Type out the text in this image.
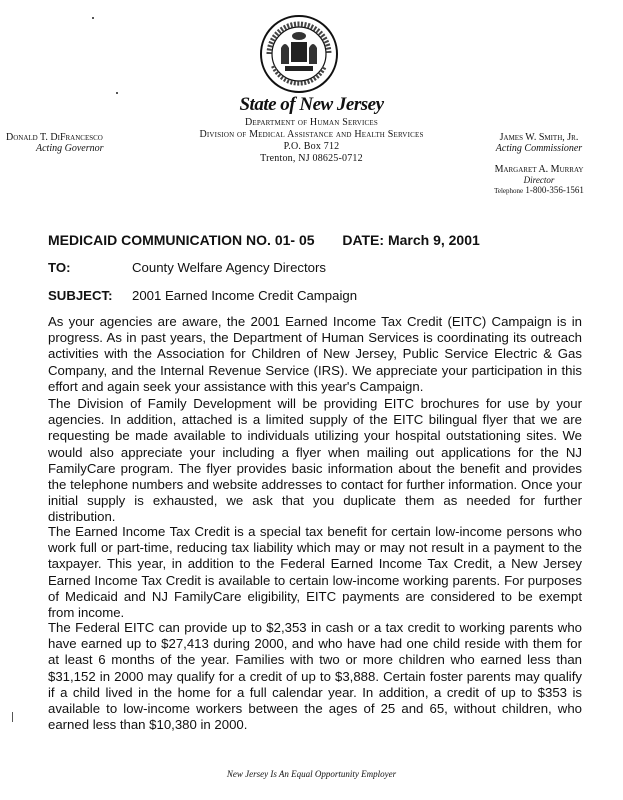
State of New Jersey
Department of Human Services
Division of Medical Assistance and Health Services
P.O. Box 712
Trenton, NJ 08625-0712
Donald T. DiFrancesco
Acting Governor
James W. Smith, Jr.
Acting Commissioner
Margaret A. Murray
Director
Telephone 1-800-356-1561
MEDICAID COMMUNICATION NO. 01- 05 DATE: March 9, 2001
TO:	County Welfare Agency Directors
SUBJECT: 2001 Earned Income Credit Campaign

As your agencies are aware, the 2001 Earned Income Tax Credit (EITC) Campaign is in progress. As in past years, the Department of Human Services is coordinating its outreach activities with the Association for Children of New Jersey, Public Service Electric & Gas Company, and the Internal Revenue Service (IRS). We appreciate your participation in this effort and again seek your assistance with this year's Campaign.

The Division of Family Development will be providing EITC brochures for use by your agencies. In addition, attached is a limited supply of the EITC bilingual flyer that we are requesting be made available to individuals utilizing your hospital outstationing sites. We would also appreciate your including a flyer when mailing out applications for the NJ FamilyCare program. The flyer provides basic information about the benefit and provides the telephone numbers and website addresses to contact for further information. Once your initial supply is exhausted, we ask that you duplicate them as needed for further distribution.

The Earned Income Tax Credit is a special tax benefit for certain low-income persons who work full or part-time, reducing tax liability which may or may not result in a payment to the taxpayer. This year, in addition to the Federal Earned Income Tax Credit, a New Jersey Earned Income Tax Credit is available to certain low-income working parents. For purposes of Medicaid and NJ FamilyCare eligibility, EITC payments are considered to be exempt from income.

The Federal EITC can provide up to $2,353 in cash or a tax credit to working parents who have earned up to $27,413 during 2000, and who have had one child reside with them for at least 6 months of the year. Families with two or more children who earned less than $31,152 in 2000 may qualify for a credit of up to $3,888. Certain foster parents may qualify if a child lived in the home for a full calendar year. In addition, a credit of up to $353 is available to low-income workers between the ages of 25 and 65, without children, who earned less than $10,380 in 2000.

New Jersey Is An Equal Opportunity Employer
